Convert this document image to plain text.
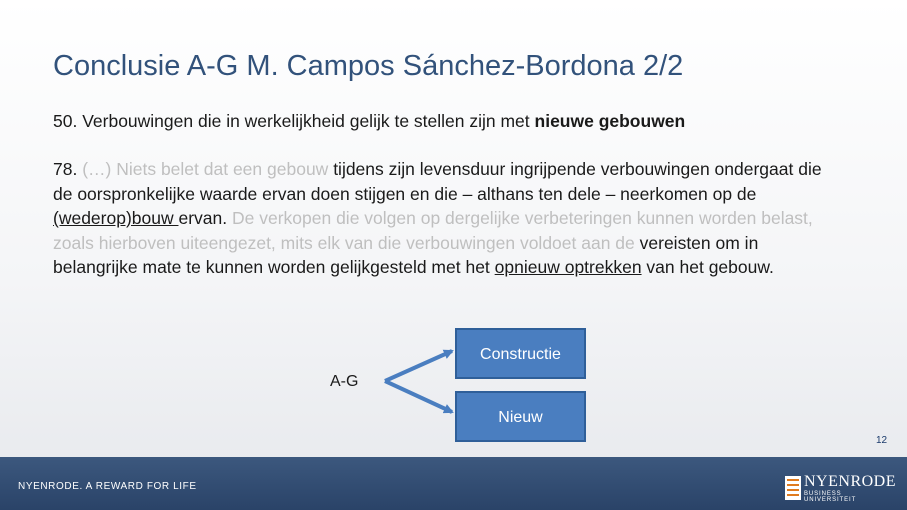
Conclusie A-G M. Campos Sánchez-Bordona 2/2
50. Verbouwingen die in werkelijkheid gelijk te stellen zijn met nieuwe gebouwen
78. (…) Niets belet dat een gebouw tijdens zijn levensduur ingrijpende verbouwingen ondergaat die de oorspronkelijke waarde ervan doen stijgen en die – althans ten dele – neerkomen op de (wederop)bouw ervan. De verkopen die volgen op dergelijke verbeteringen kunnen worden belast, zoals hierboven uiteengezet, mits elk van die verbouwingen voldoet aan de vereisten om in belangrijke mate te kunnen worden gelijkgesteld met het opnieuw optrekken van het gebouw.
A-G
Constructie
Nieuw
12
NYENRODE. A REWARD FOR LIFE	NYENRODE
BUSINESS UNIVERSITEIT
